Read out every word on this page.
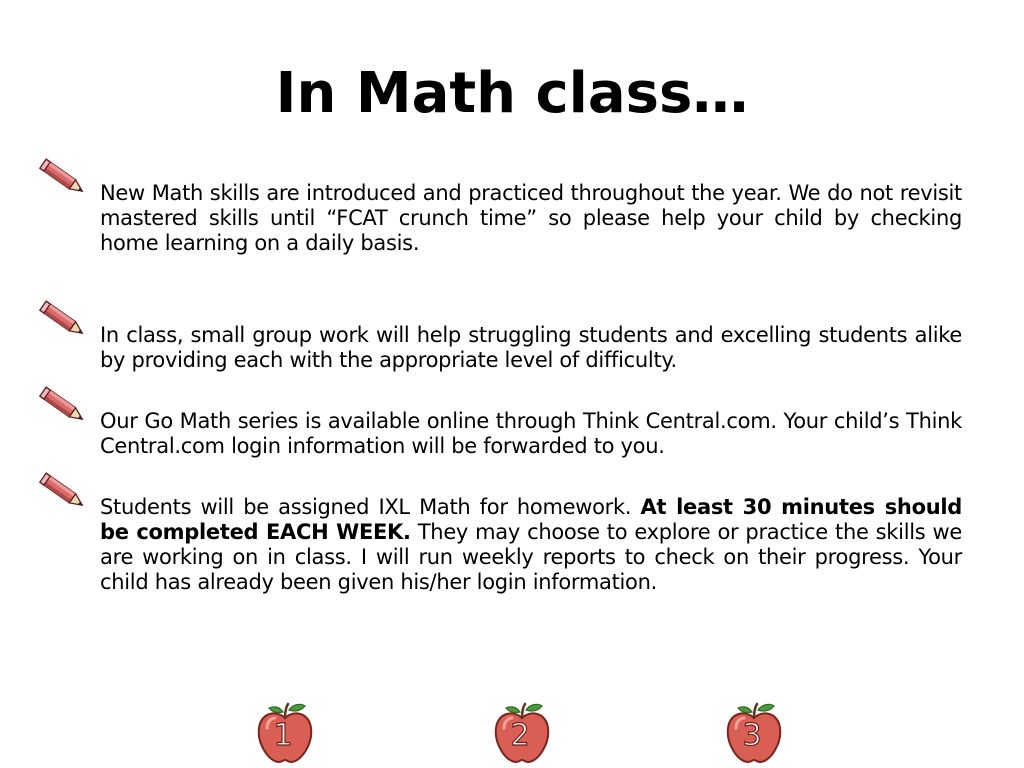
In Math class…

New Math skills are introduced and practiced throughout the year. We do not revisit mastered skills until “FCAT crunch time” so please help your child by checking home learning on a daily basis.

In class, small group work will help struggling students and excelling students alike by providing each with the appropriate level of difficulty.

Our Go Math series is available online through Think Central.com. Your child’s Think Central.com login information will be forwarded to you.

Students will be assigned IXL Math for homework. At least 30 minutes should be completed EACH WEEK. They may choose to explore or practice the skills we are working on in class. I will run weekly reports to check on their progress. Your child has already been given his/her login information.

1	2	3
